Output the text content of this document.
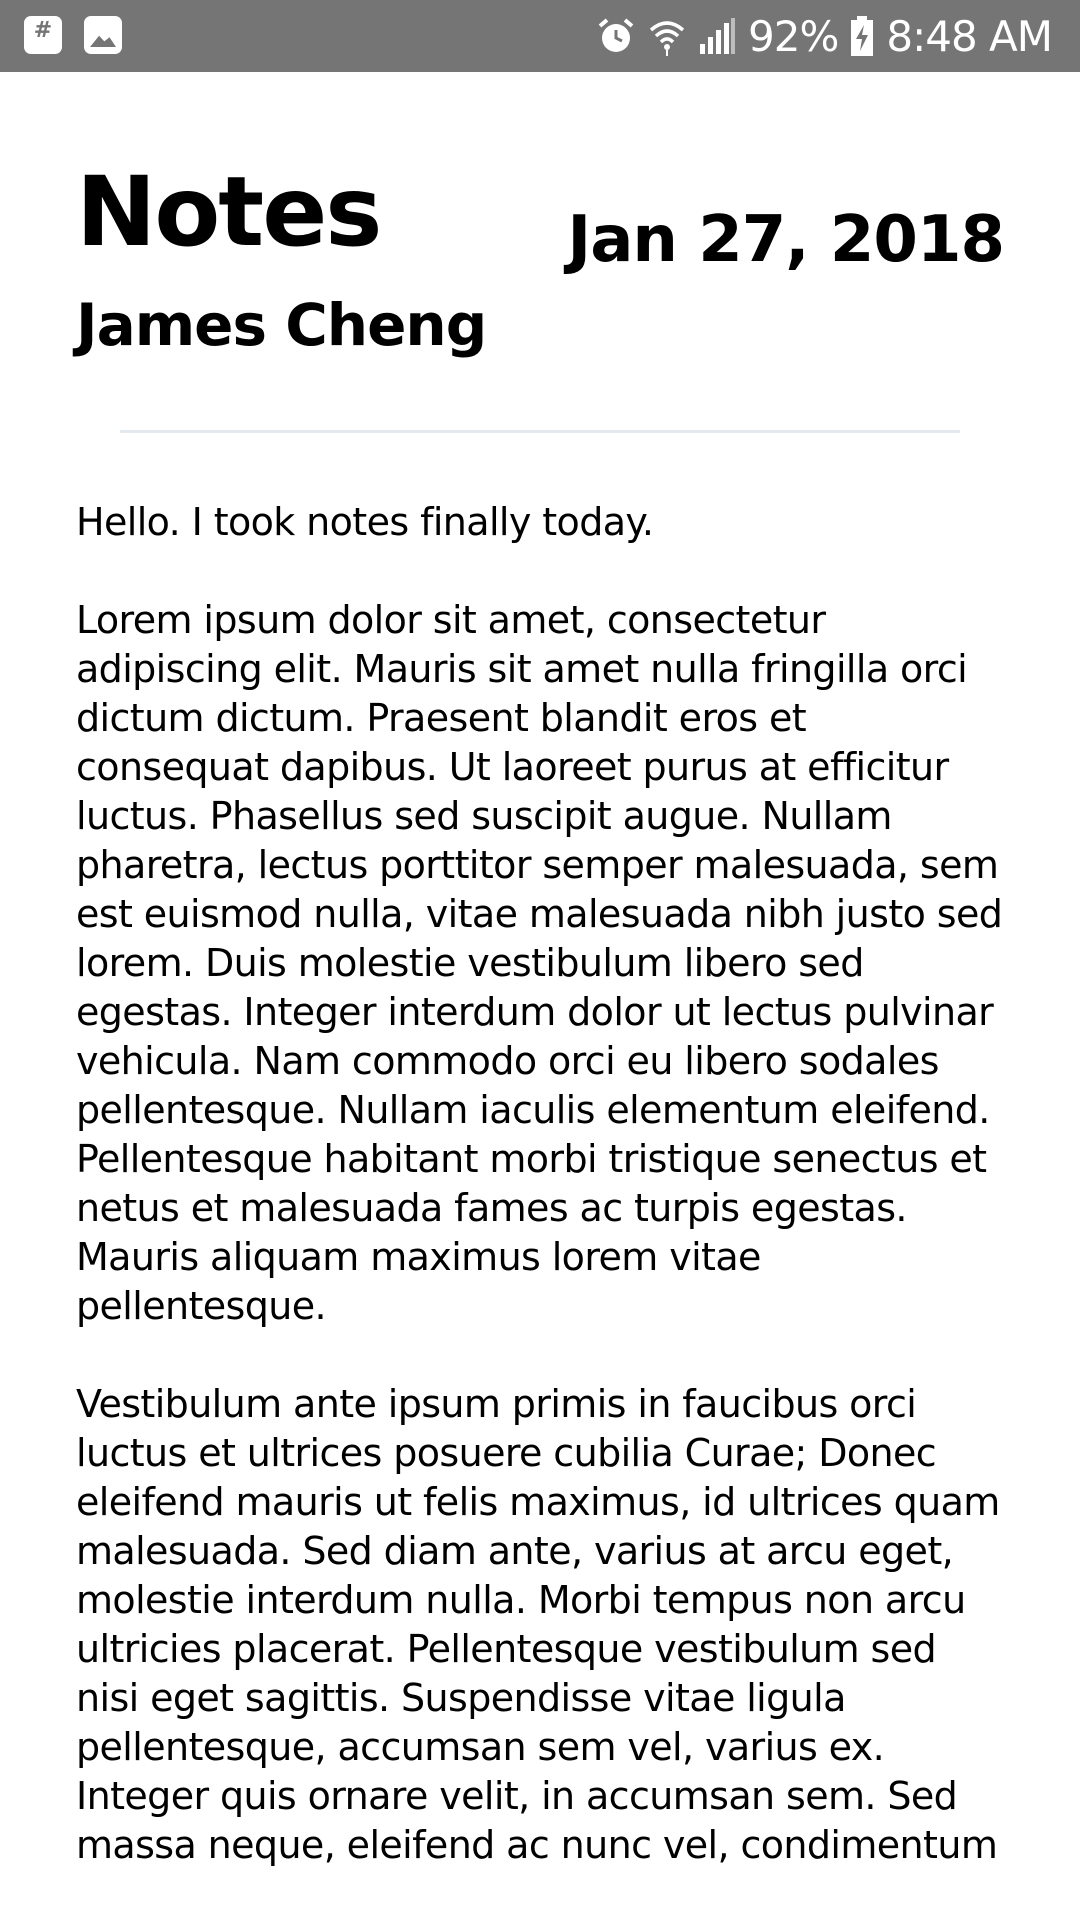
#
92% 8:48 AM
Notes
James Cheng
Jan 27, 2018

Hello. I took notes finally today.

Lorem ipsum dolor sit amet, consectetur adipiscing elit. Mauris sit amet nulla fringilla orci dictum dictum. Praesent blandit eros et consequat dapibus. Ut laoreet purus at efficitur luctus. Phasellus sed suscipit augue. Nullam pharetra, lectus porttitor semper malesuada, sem est euismod nulla, vitae malesuada nibh justo sed lorem. Duis molestie vestibulum libero sed egestas. Integer interdum dolor ut lectus pulvinar vehicula. Nam commodo orci eu libero sodales pellentesque. Nullam iaculis elementum eleifend. Pellentesque habitant morbi tristique senectus et netus et malesuada fames ac turpis egestas. Mauris aliquam maximus lorem vitae pellentesque.

Vestibulum ante ipsum primis in faucibus orci luctus et ultrices posuere cubilia Curae; Donec eleifend mauris ut felis maximus, id ultrices quam malesuada. Sed diam ante, varius at arcu eget, molestie interdum nulla. Morbi tempus non arcu ultricies placerat. Pellentesque vestibulum sed nisi eget sagittis. Suspendisse vitae ligula pellentesque, accumsan sem vel, varius ex. Integer quis ornare velit, in accumsan sem. Sed massa neque, eleifend ac nunc vel, condimentum
